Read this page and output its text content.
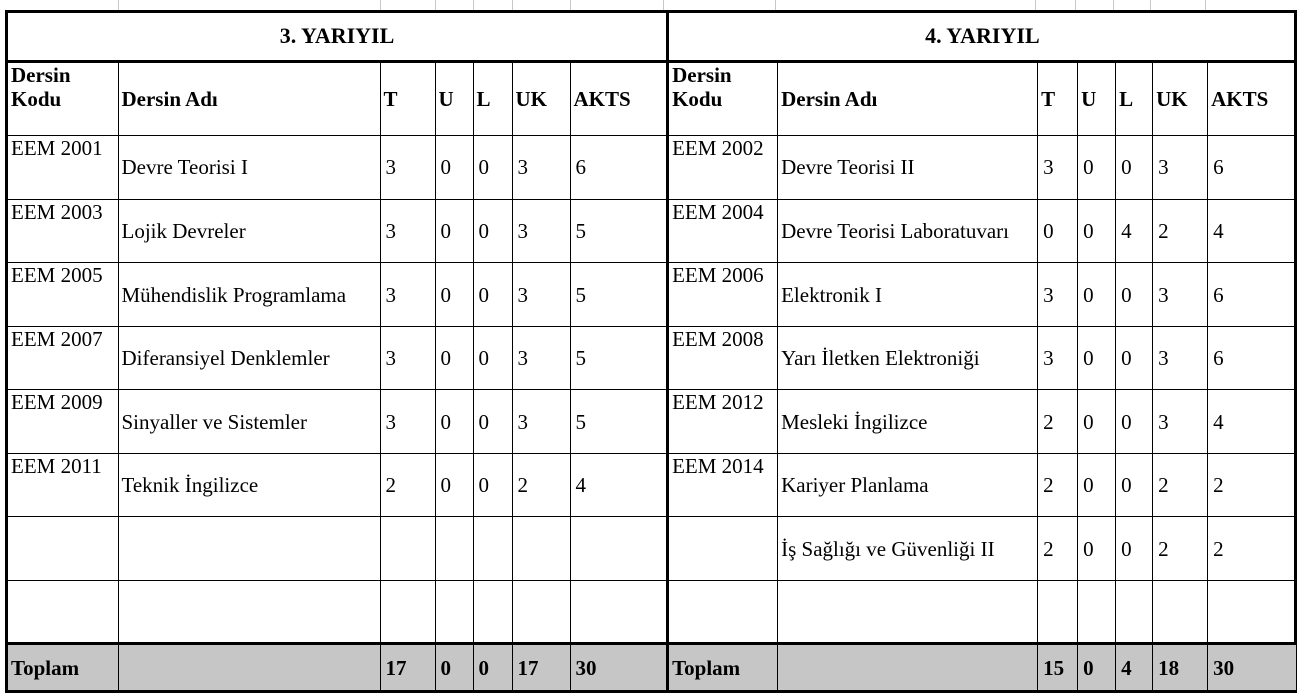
3. YARIYIL						
Dersin Kodu	Dersin Adı	T	U	L	UK	AKTS
EEM 2001	Devre Teorisi I	3	0	0	3	6
EEM 2003	Lojik Devreler	3	0	0	3	5
EEM 2005	Mühendislik Programlama	3	0	0	3	5
EEM 2007	Diferansiyel Denklemler	3	0	0	3	5
EEM 2009	Sinyaller ve Sistemler	3	0	0	3	5
EEM 2011	Teknik İngilizce	2	0	0	2	4

Toplam		17	0	0	17	30
4. YARIYIL						
Dersin Kodu	Dersin Adı	T	U	L	UK	AKTS
EEM 2002	Devre Teorisi II	3	0	0	3	6
EEM 2004	Devre Teorisi Laboratuvarı	0	0	4	2	4
EEM 2006	Elektronik I	3	0	0	3	6
EEM 2008	Yarı İletken Elektroniği	3	0	0	3	6
EEM 2012	Mesleki İngilizce	2	0	0	3	4
EEM 2014	Kariyer Planlama	2	0	0	2	2
	İş Sağlığı ve Güvenliği II	2	0	0	2	2

Toplam		15	0	4	18	30
